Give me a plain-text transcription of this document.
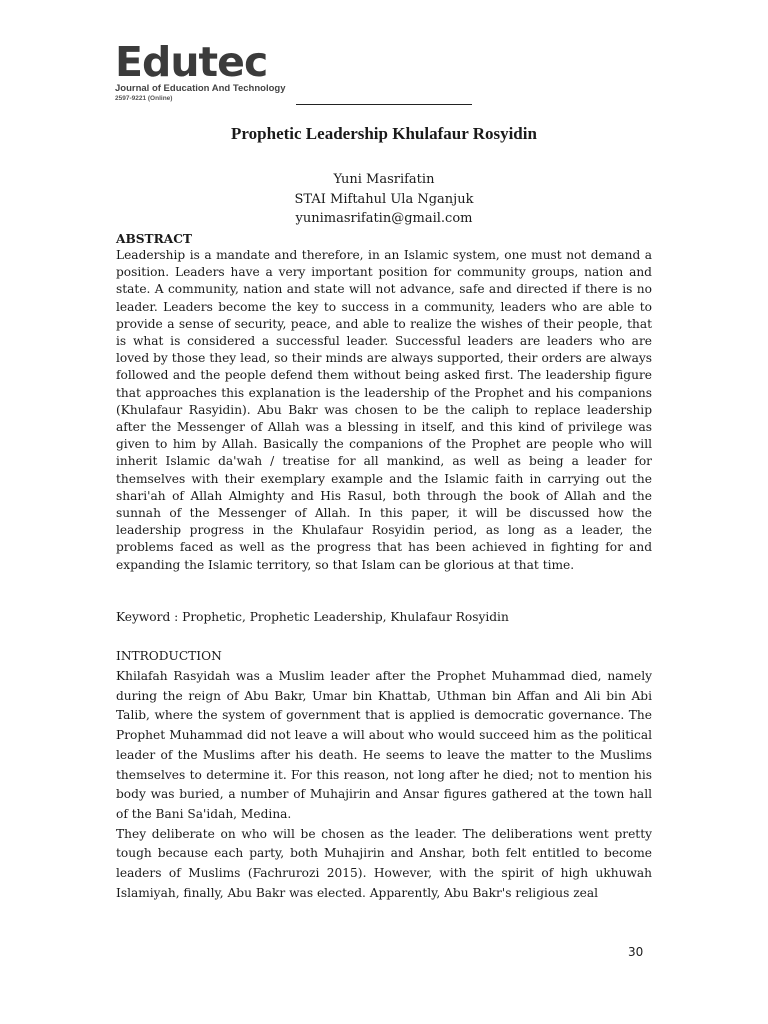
Edutec
Journal of Education And Technology
2597-9221 (Online)
Prophetic Leadership Khulafaur Rosyidin
Yuni Masrifatin
STAI Miftahul Ula Nganjuk
yunimasrifatin@gmail.com
ABSTRACT
Leadership is a mandate and therefore, in an Islamic system, one must not demand a position. Leaders have a very important position for community groups, nation and state. A community, nation and state will not advance, safe and directed if there is no leader. Leaders become the key to success in a community, leaders who are able to provide a sense of security, peace, and able to realize the wishes of their people, that is what is considered a successful leader. Successful leaders are leaders who are loved by those they lead, so their minds are always supported, their orders are always followed and the people defend them without being asked first. The leadership figure that approaches this explanation is the leadership of the Prophet and his companions (Khulafaur Rasyidin). Abu Bakr was chosen to be the caliph to replace leadership after the Messenger of Allah was a blessing in itself, and this kind of privilege was given to him by Allah. Basically the companions of the Prophet are people who will inherit Islamic da'wah / treatise for all mankind, as well as being a leader for themselves with their exemplary example and the Islamic faith in carrying out the shari'ah of Allah Almighty and His Rasul, both through the book of Allah and the sunnah of the Messenger of Allah. In this paper, it will be discussed how the leadership progress in the Khulafaur Rosyidin period, as long as a leader, the problems faced as well as the progress that has been achieved in fighting for and expanding the Islamic territory, so that Islam can be glorious at that time.
Keyword : Prophetic, Prophetic Leadership, Khulafaur Rosyidin
INTRODUCTION

Khilafah Rasyidah was a Muslim leader after the Prophet Muhammad died, namely during the reign of Abu Bakr, Umar bin Khattab, Uthman bin Affan and Ali bin Abi Talib, where the system of government that is applied is democratic governance. The Prophet Muhammad did not leave a will about who would succeed him as the political leader of the Muslims after his death. He seems to leave the matter to the Muslims themselves to determine it. For this reason, not long after he died; not to mention his body was buried, a number of Muhajirin and Ansar figures gathered at the town hall of the Bani Sa'idah, Medina.

They deliberate on who will be chosen as the leader. The deliberations went pretty tough because each party, both Muhajirin and Anshar, both felt entitled to become leaders of Muslims (Fachrurozi 2015). However, with the spirit of high ukhuwah Islamiyah, finally, Abu Bakr was elected. Apparently, Abu Bakr's religious zeal

30
